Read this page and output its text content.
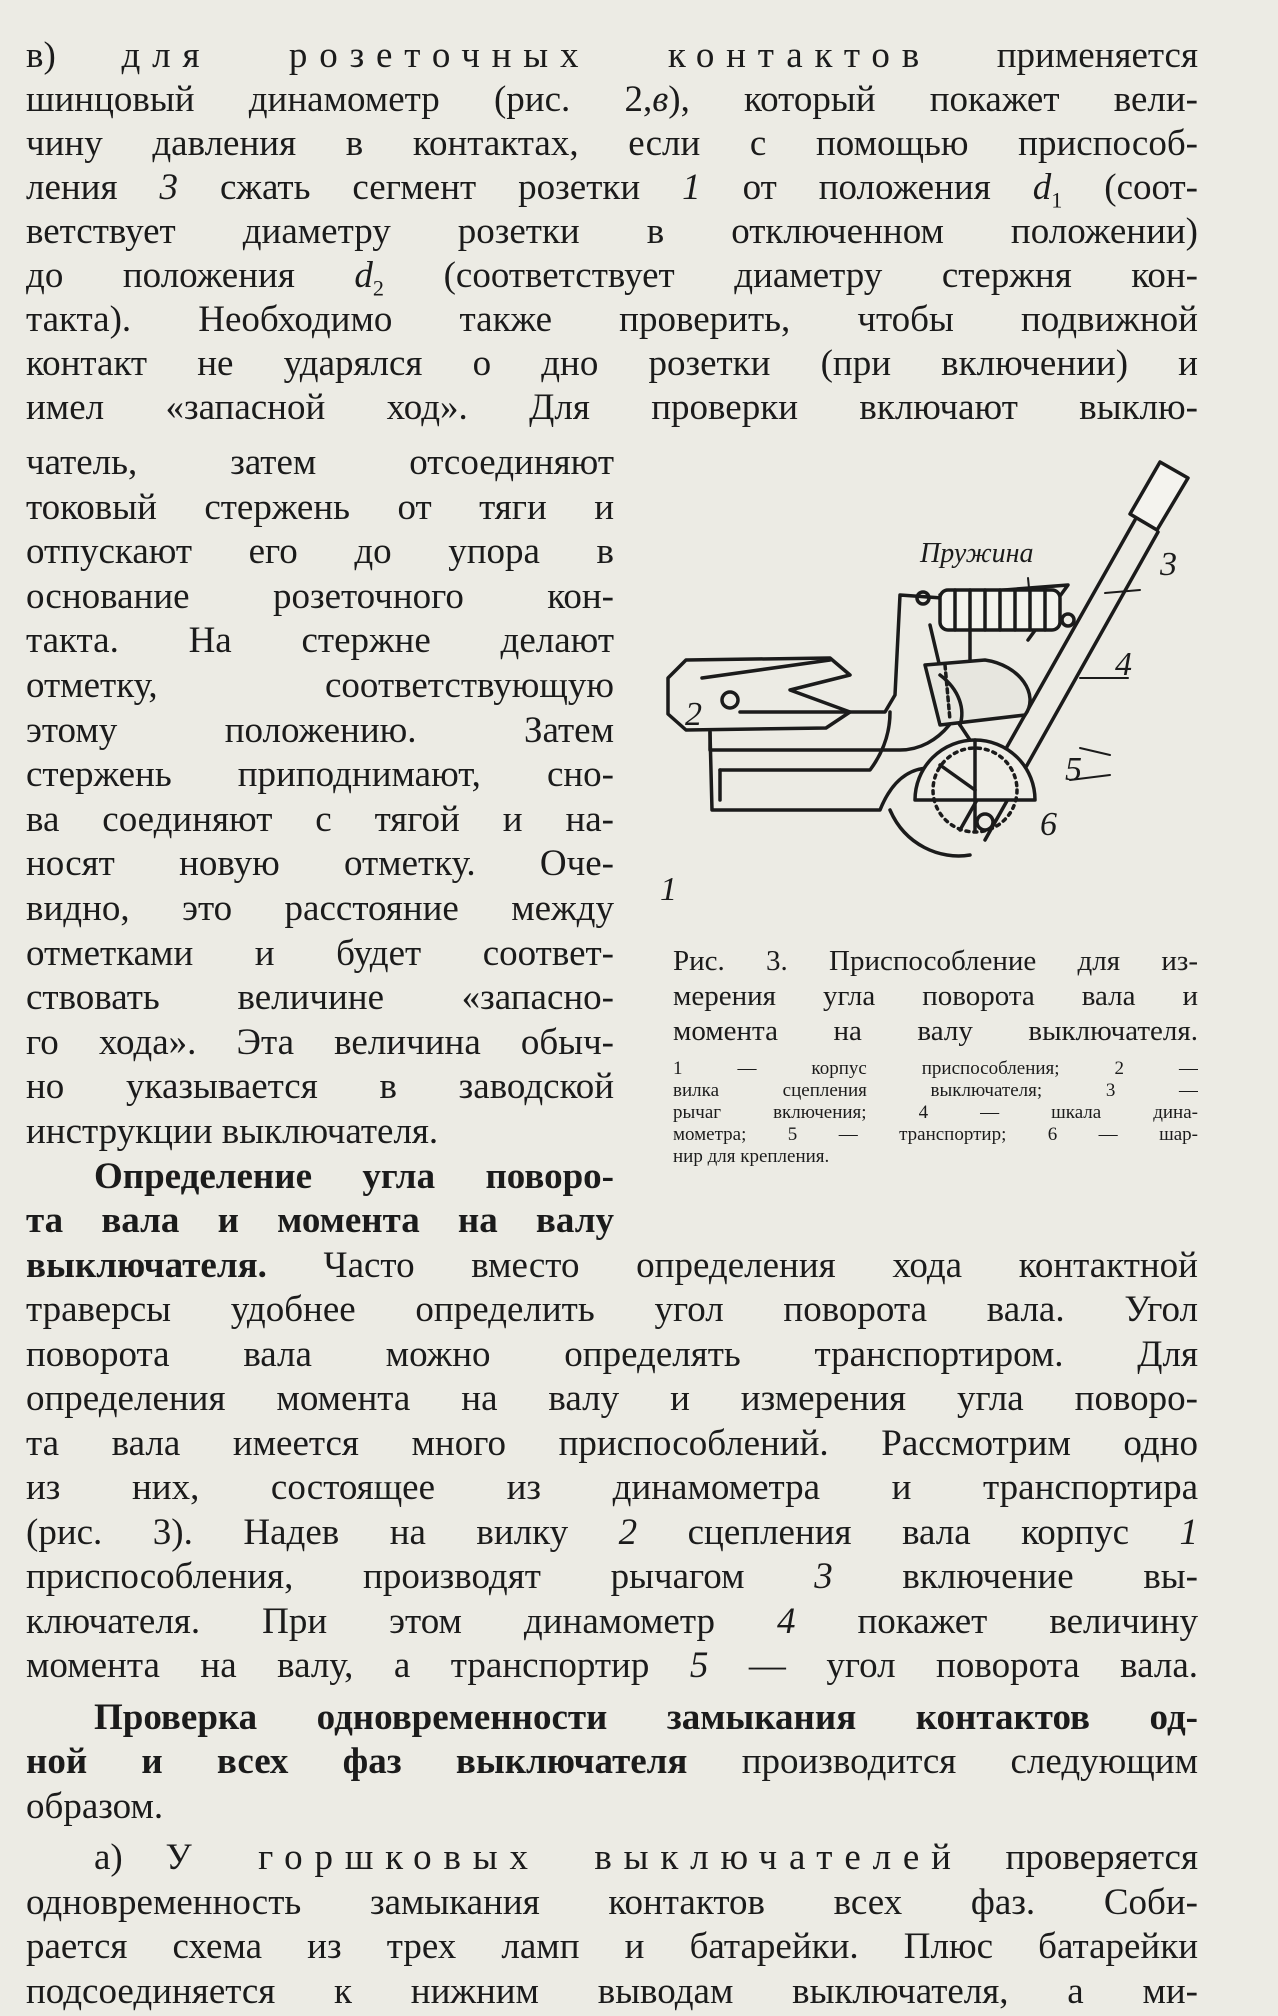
в) для розеточных контактов применяется
шинцовый динамометр (рис. 2,в), который покажет вели-
чину давления в контактах, если с помощью приспособ-
ления 3 сжать сегмент розетки 1 от положения $d_1$ (соот-
ветствует диаметру розетки в отключенном положении)
до положения $d_2$ (соответствует диаметру стержня кон-
такта). Необходимо также проверить, чтобы подвижной
контакт не ударялся о дно розетки (при включении) и
имел «запасной ход». Для проверки включают выклю-
чатель, затем отсоединяют
токовый стержень от тяги и
отпускают его до упора в
основание розеточного кон-
такта. На стержне делают
отметку, соответствующую
этому положению. Затем
стержень приподнимают, сно-
ва соединяют с тягой и на-
носят новую отметку. Оче-
видно, это расстояние между
отметками и будет соответ-
ствовать величине «запасно-
го хода». Эта величина обыч-
но указывается в заводской
инструкции выключателя.
Определение угла поворо-
та вала и момента на валу
выключателя. Часто вместо определения хода контактной
траверсы удобнее определить угол поворота вала. Угол
поворота вала можно определять транспортиром. Для
определения момента на валу и измерения угла поворо-
та вала имеется много приспособлений. Рассмотрим одно
из них, состоящее из динамометра и транспортира
(рис. 3). Надев на вилку 2 сцепления вала корпус 1
приспособления, производят рычагом 3 включение вы-
ключателя. При этом динамометр 4 покажет величину
момента на валу, а транспортир 5 — угол поворота вала.
Проверка одновременности замыкания контактов од-
ной и всех фаз выключателя производится следующим
образом.
а) У горшковых выключателей проверяется
одновременность замыкания контактов всех фаз. Соби-
рается схема из трех ламп и батарейки. Плюс батарейки
подсоединяется к нижним выводам выключателя, а ми-
Пружина
1
2
3
4
5
6
Рис. 3. Приспособление для из-
мерения угла поворота вала и
момента на валу выключателя.
1 — корпус приспособления; 2 —
вилка сцепления выключателя; 3 —
рычаг включения; 4 — шкала дина-
мометра; 5 — транспортир; 6 — шар-
нир для крепления.
